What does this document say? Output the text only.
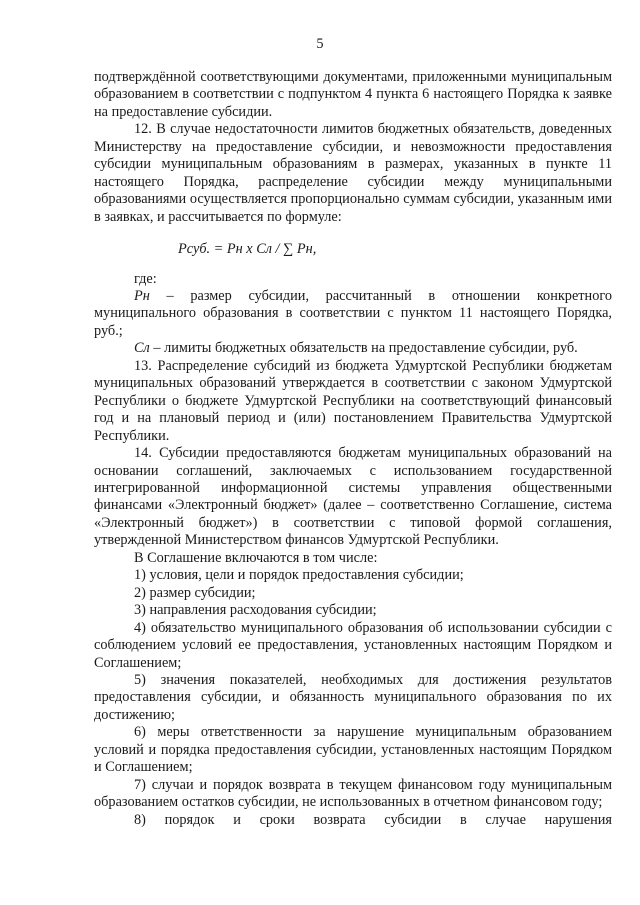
5

подтверждённой соответствующими документами, приложенными муниципальным образованием в соответствии с подпунктом 4 пункта 6 настоящего Порядка к заявке на предоставление субсидии.

12. В случае недостаточности лимитов бюджетных обязательств, доведенных Министерству на предоставление субсидии, и невозможности предоставления субсидии муниципальным образованиям в размерах, указанных в пункте 11 настоящего Порядка, распределение субсидии между муниципальными образованиями осуществляется пропорционально суммам субсидии, указанным ими в заявках, и рассчитывается по формуле:

Рсуб. = Рн х Сл / ∑ Рн,

где:

Рн – размер субсидии, рассчитанный в отношении конкретного муниципального образования в соответствии с пунктом 11 настоящего Порядка, руб.;

Сл – лимиты бюджетных обязательств на предоставление субсидии, руб.

13. Распределение субсидий из бюджета Удмуртской Республики бюджетам муниципальных образований утверждается в соответствии с законом Удмуртской Республики о бюджете Удмуртской Республики на соответствующий финансовый год и на плановый период и (или) постановлением Правительства Удмуртской Республики.

14. Субсидии предоставляются бюджетам муниципальных образований на основании соглашений, заключаемых с использованием государственной интегрированной информационной системы управления общественными финансами «Электронный бюджет» (далее – соответственно Соглашение, система «Электронный бюджет») в соответствии с типовой формой соглашения, утвержденной Министерством финансов Удмуртской Республики.

В Соглашение включаются в том числе:

1) условия, цели и порядок предоставления субсидии;

2) размер субсидии;

3) направления расходования субсидии;

4) обязательство муниципального образования об использовании субсидии с соблюдением условий ее предоставления, установленных настоящим Порядком и Соглашением;

5) значения показателей, необходимых для достижения результатов предоставления субсидии, и обязанность муниципального образования по их достижению;

6) меры ответственности за нарушение муниципальным образованием условий и порядка предоставления субсидии, установленных настоящим Порядком и Соглашением;

7) случаи и порядок возврата в текущем финансовом году муниципальным образованием остатков субсидии, не использованных в отчетном финансовом году;

8) порядок и сроки возврата субсидии в случае нарушения
